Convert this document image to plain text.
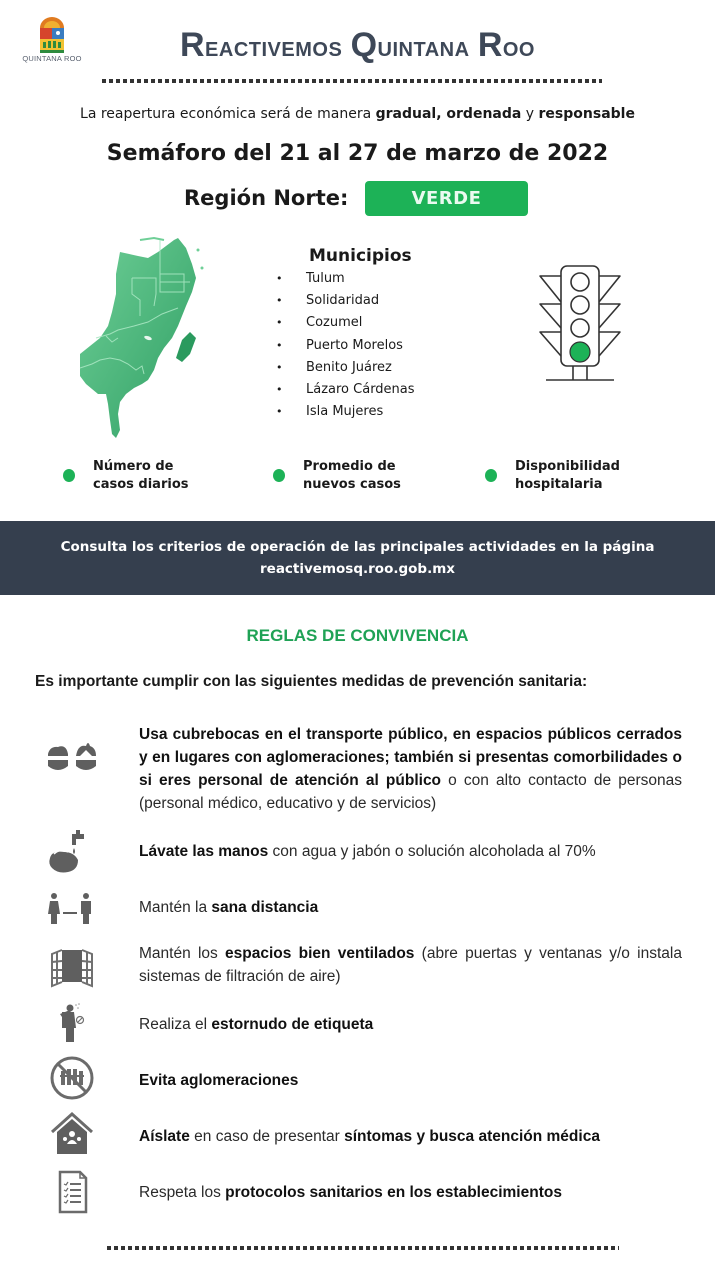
QUINTANA ROO	Reactivemos Quintana Roo
La reapertura económica será de manera gradual, ordenada y responsable
Semáforo del 21 al 27 de marzo de 2022
Región Norte:	VERDE
Municipios
• Tulum
• Solidaridad
• Cozumel
• Puerto Morelos
• Benito Juárez
• Lázaro Cárdenas
• Isla Mujeres
Número de
casos diarios
Promedio de
nuevos casos
Disponibilidad
hospitalaria
Consulta los criterios de operación de las principales actividades en la página
reactivemosq.roo.gob.mx
REGLAS DE CONVIVENCIA
Es importante cumplir con las siguientes medidas de prevención sanitaria:
Usa cubrebocas en el transporte público, en espacios públicos cerrados y en lugares con aglomeraciones; también si presentas comorbilidades o si eres personal de atención al público o con alto contacto de personas (personal médico, educativo y de servicios)
Lávate las manos con agua y jabón o solución alcoholada al 70%
Mantén la sana distancia
Mantén los espacios bien ventilados (abre puertas y ventanas y/o instala sistemas de filtración de aire)
Realiza el estornudo de etiqueta
Evita aglomeraciones
Aíslate en caso de presentar síntomas y busca atención médica
Respeta los protocolos sanitarios en los establecimientos
